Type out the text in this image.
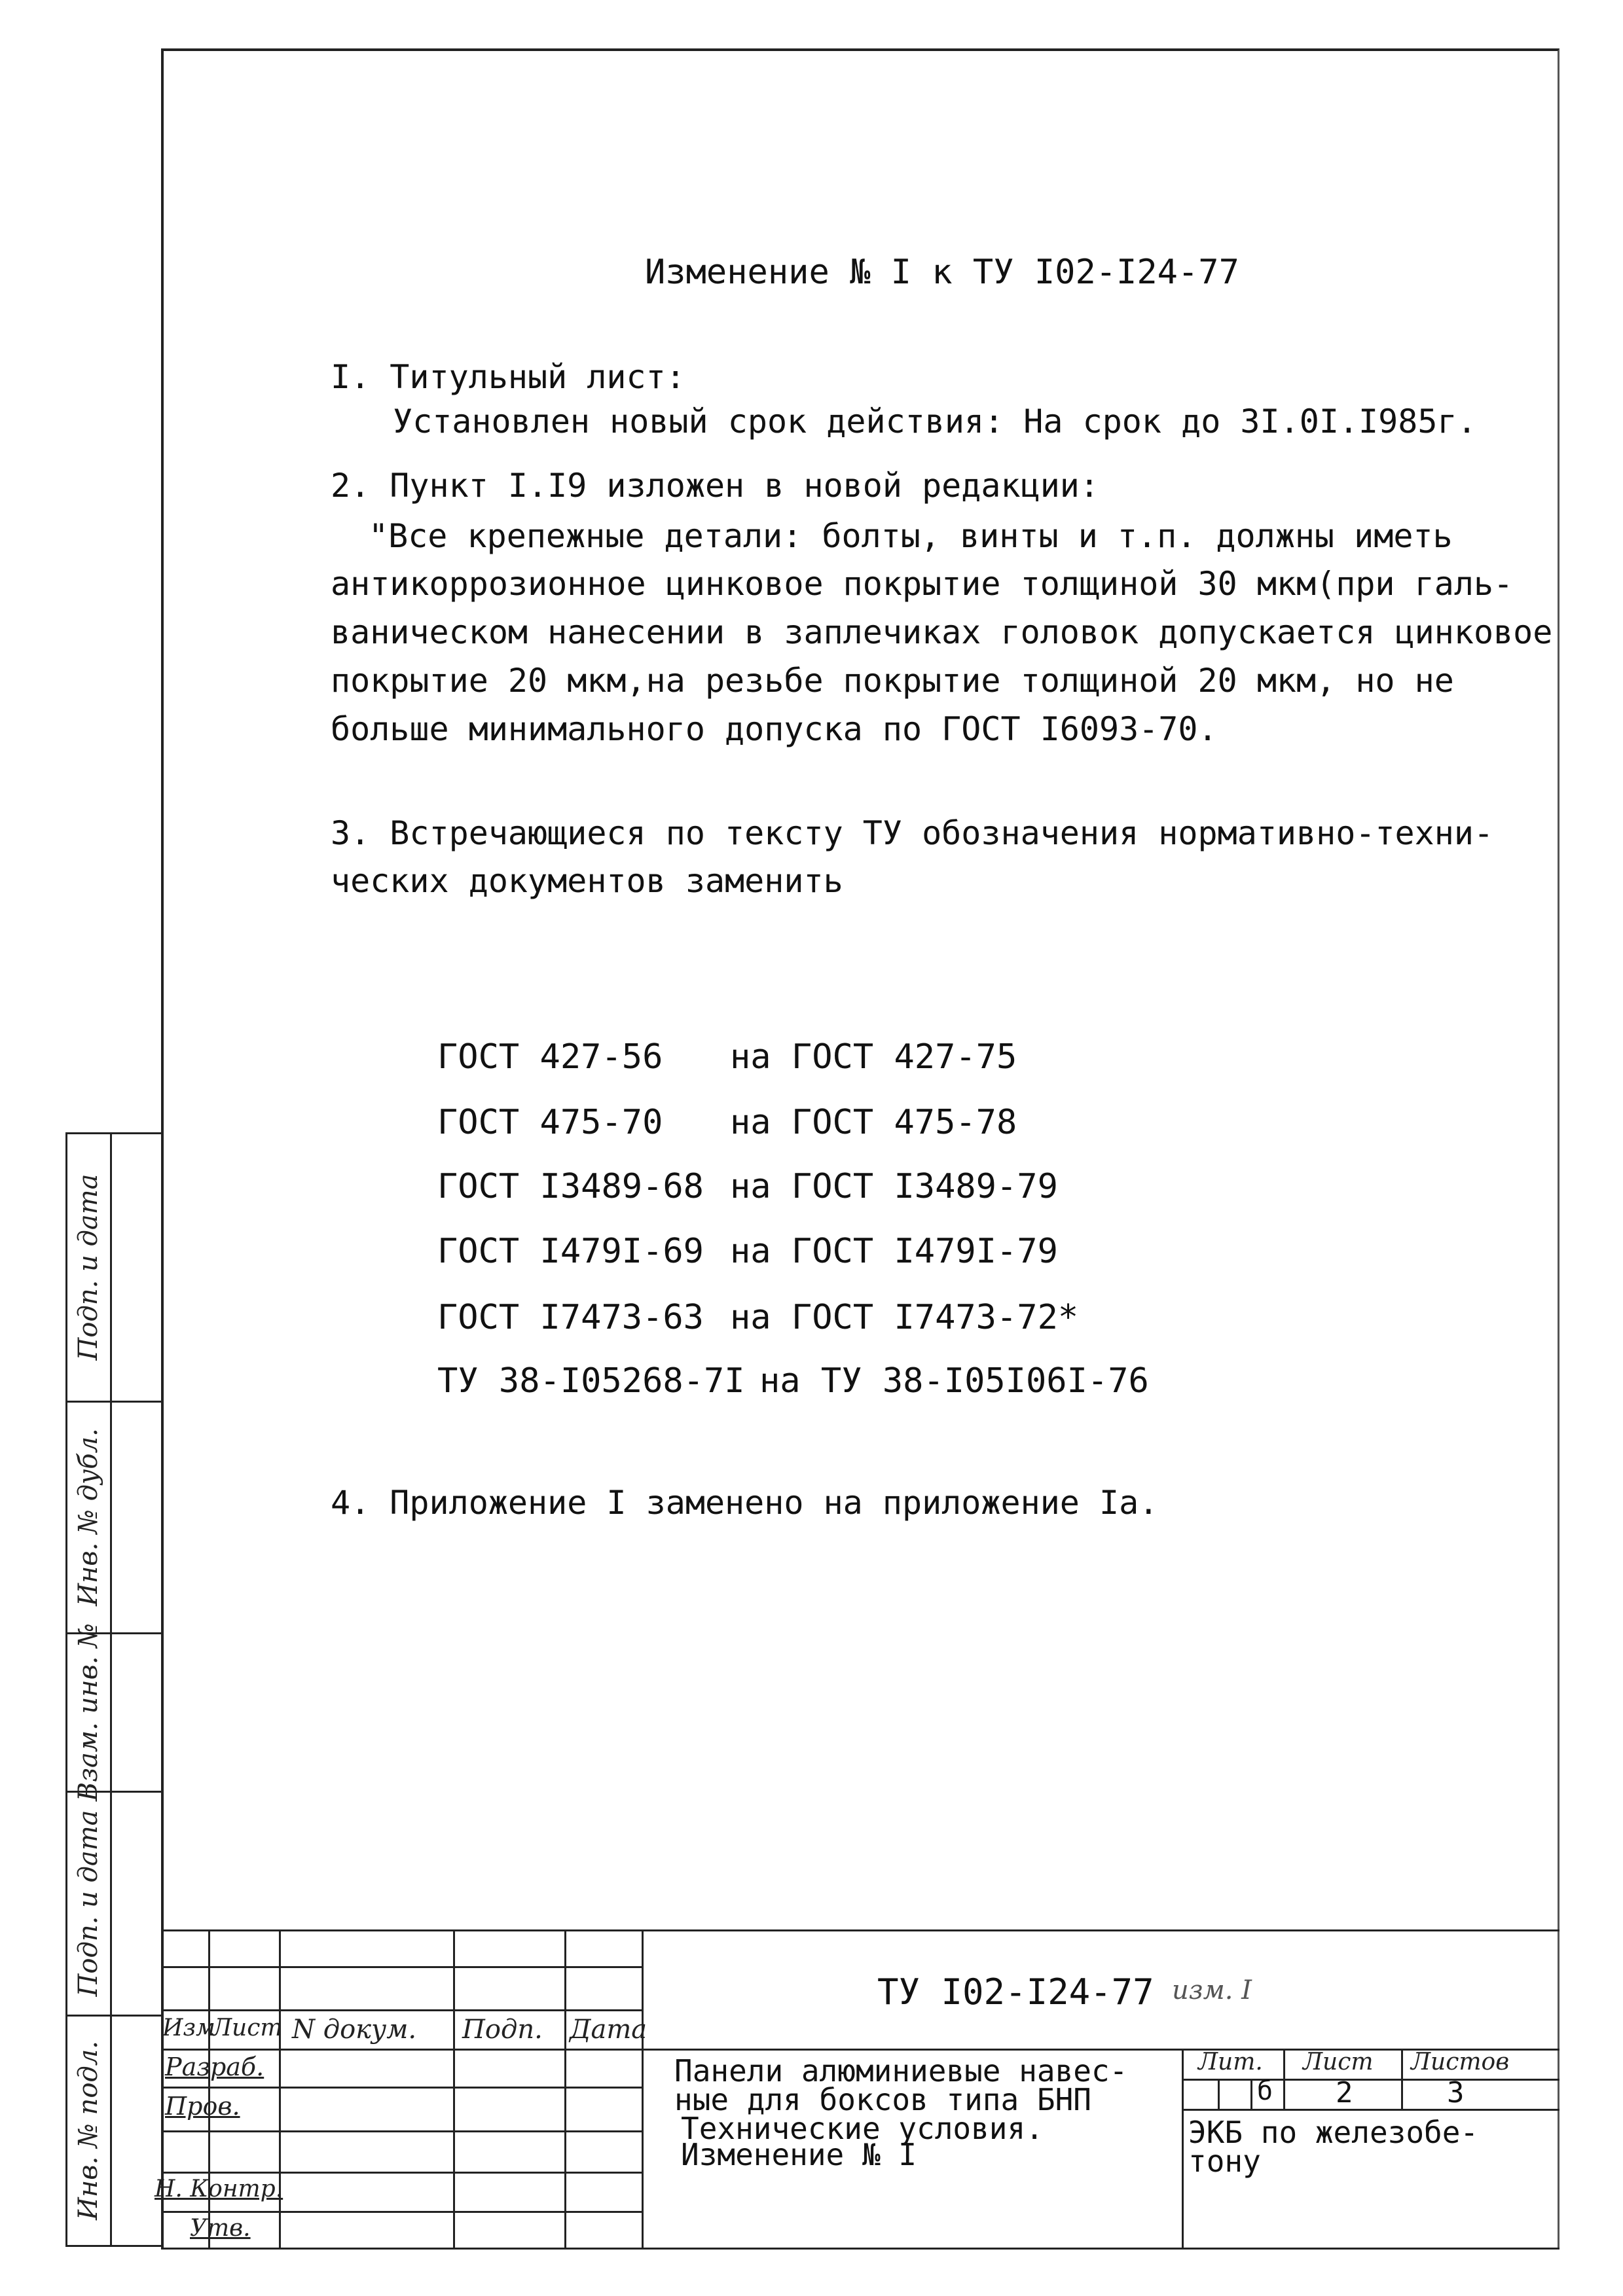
Изменение № I к ТУ I02-I24-77
I. Титульный лист:
Установлен новый срок действия: На срок до 3I.0I.I985г.
2. Пункт I.I9 изложен в новой редакции:
"Все крепежные детали: болты, винты и т.п. должны иметь
антикоррозионное цинковое покрытие толщиной 30 мкм(при галь-
ваническом нанесении в заплечиках головок допускается цинковое
покрытие 20 мкм,на резьбе покрытие толщиной 20 мкм, но не
больше минимального допуска по ГОСТ I6093-70.
3. Встречающиеся по тексту ТУ обозначения нормативно-техни-
ческих документов заменить
ГОСТ 427-56 на ГОСТ 427-75
ГОСТ 475-70 на ГОСТ 475-78
ГОСТ I3489-68 на ГОСТ I3489-79
ГОСТ I479I-69 на ГОСТ I479I-79
ГОСТ I7473-63 на ГОСТ I7473-72*
ТУ 38-I05268-7I на ТУ 38-I05I06I-76
4. Приложение I заменено на приложение Iа.
Подп. и дата
Инв. № дубл.
Взам. инв. №
Подп. и дата
Инв. № подл.
Изм
Лист N докум. Подп. Дата
Разраб.
Пров.
Н. Контр.
Утв.
ТУ I02-I24-77 изм. I
Панели алюминиевые навес-
ные для боксов типа БНП
Технические условия.
Изменение № I
Лит. Лист Листов
б 2	3
ЭКБ по железобе-
тону
